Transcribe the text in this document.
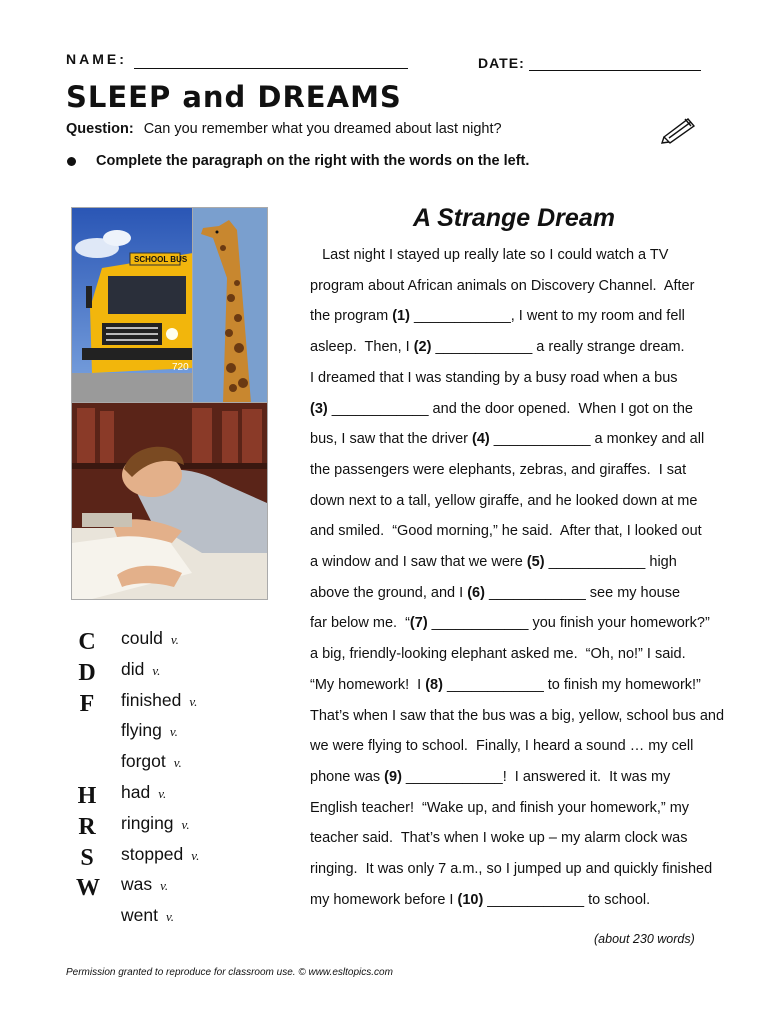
NAME:	DATE:
SLEEP and DREAMS
Question: Can you remember what you dreamed about last night?
Complete the paragraph on the right with the words on the left.
SCHOOL BUS
720
C could v.
D did v.
F finished v.
flying v.
forgot v.
H had v.
R ringing v.
S stopped v.
W was v.
went v.
A Strange Dream
Last night I stayed up really late so I could watch a TV
program about African animals on Discovery Channel.  After
the program (1) ____________, I went to my room and fell
asleep.  Then, I (2) ____________ a really strange dream.
I dreamed that I was standing by a busy road when a bus
(3) ____________ and the door opened.  When I got on the
bus, I saw that the driver (4) ____________ a monkey and all
the passengers were elephants, zebras, and giraffes.  I sat
down next to a tall, yellow giraffe, and he looked down at me
and smiled.  “Good morning,” he said.  After that, I looked out
a window and I saw that we were (5) ____________ high
above the ground, and I (6) ____________ see my house
far below me.  “(7) ____________ you finish your homework?”
a big, friendly-looking elephant asked me.  “Oh, no!” I said.
“My homework!  I (8) ____________ to finish my homework!”
That’s when I saw that the bus was a big, yellow, school bus and
we were flying to school.  Finally, I heard a sound … my cell
phone was (9) ____________!  I answered it.  It was my
English teacher!  “Wake up, and finish your homework,” my
teacher said.  That’s when I woke up – my alarm clock was
ringing.  It was only 7 a.m., so I jumped up and quickly finished
my homework before I (10) ____________ to school.
(about 230 words)
Permission granted to reproduce for classroom use. © www.esltopics.com
